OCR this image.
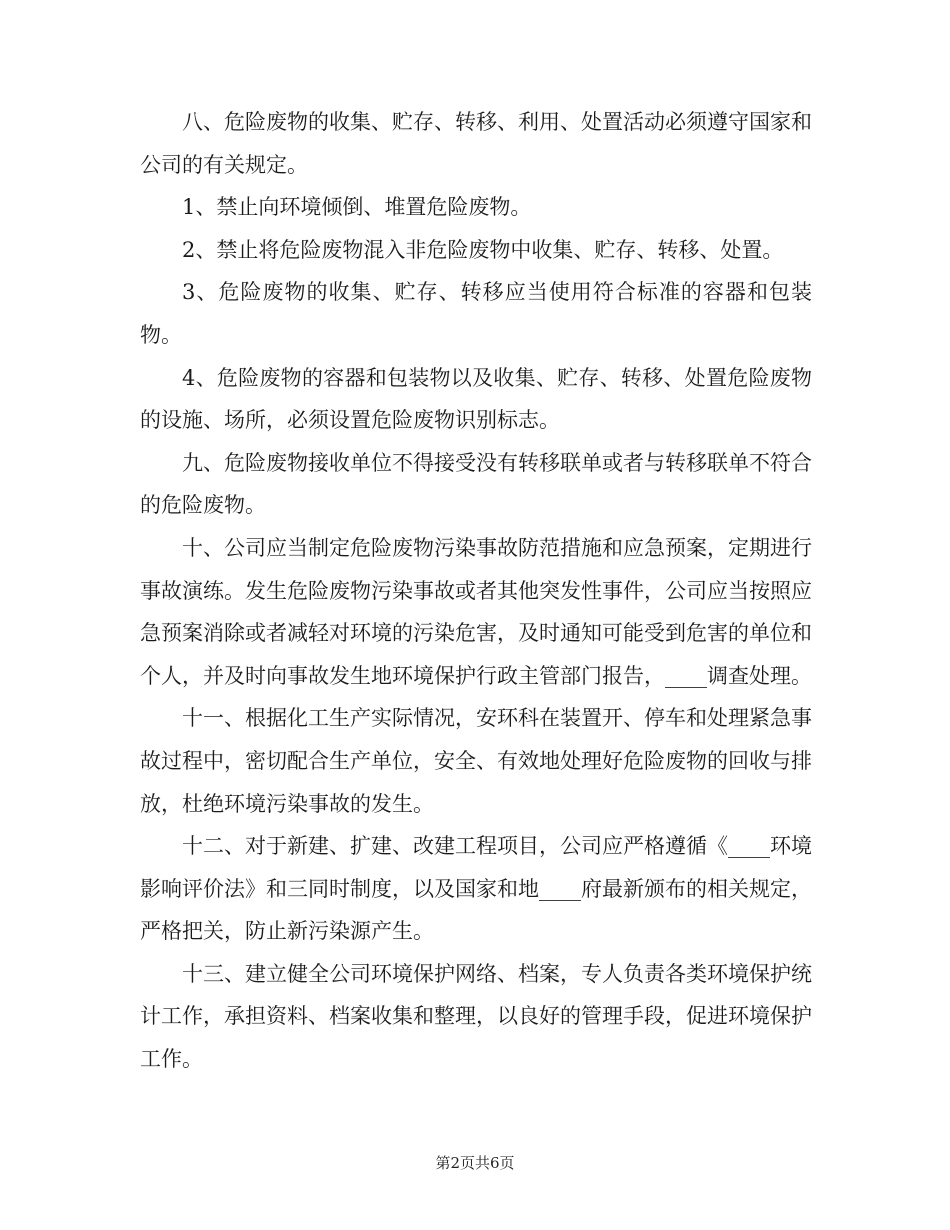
八、危险废物的收集、贮存、转移、利用、处置活动必须遵守国家和公司的有关规定。

1、禁止向环境倾倒、堆置危险废物。

2、禁止将危险废物混入非危险废物中收集、贮存、转移、处置。

3、危险废物的收集、贮存、转移应当使用符合标准的容器和包装物。

4、危险废物的容器和包装物以及收集、贮存、转移、处置危险废物的设施、场所，必须设置危险废物识别标志。

九、危险废物接收单位不得接受没有转移联单或者与转移联单不符合的危险废物。

十、公司应当制定危险废物污染事故防范措施和应急预案，定期进行事故演练。发生危险废物污染事故或者其他突发性事件，公司应当按照应急预案消除或者减轻对环境的污染危害，及时通知可能受到危害的单位和个人，并及时向事故发生地环境保护行政主管部门报告，____调查处理。

十一、根据化工生产实际情况，安环科在装置开、停车和处理紧急事故过程中，密切配合生产单位，安全、有效地处理好危险废物的回收与排放，杜绝环境污染事故的发生。

十二、对于新建、扩建、改建工程项目，公司应严格遵循《____环境影响评价法》和三同时制度，以及国家和地____府最新颁布的相关规定，严格把关，防止新污染源产生。

十三、建立健全公司环境保护网络、档案，专人负责各类环境保护统计工作，承担资料、档案收集和整理，以良好的管理手段，促进环境保护工作。

第2页共6页
